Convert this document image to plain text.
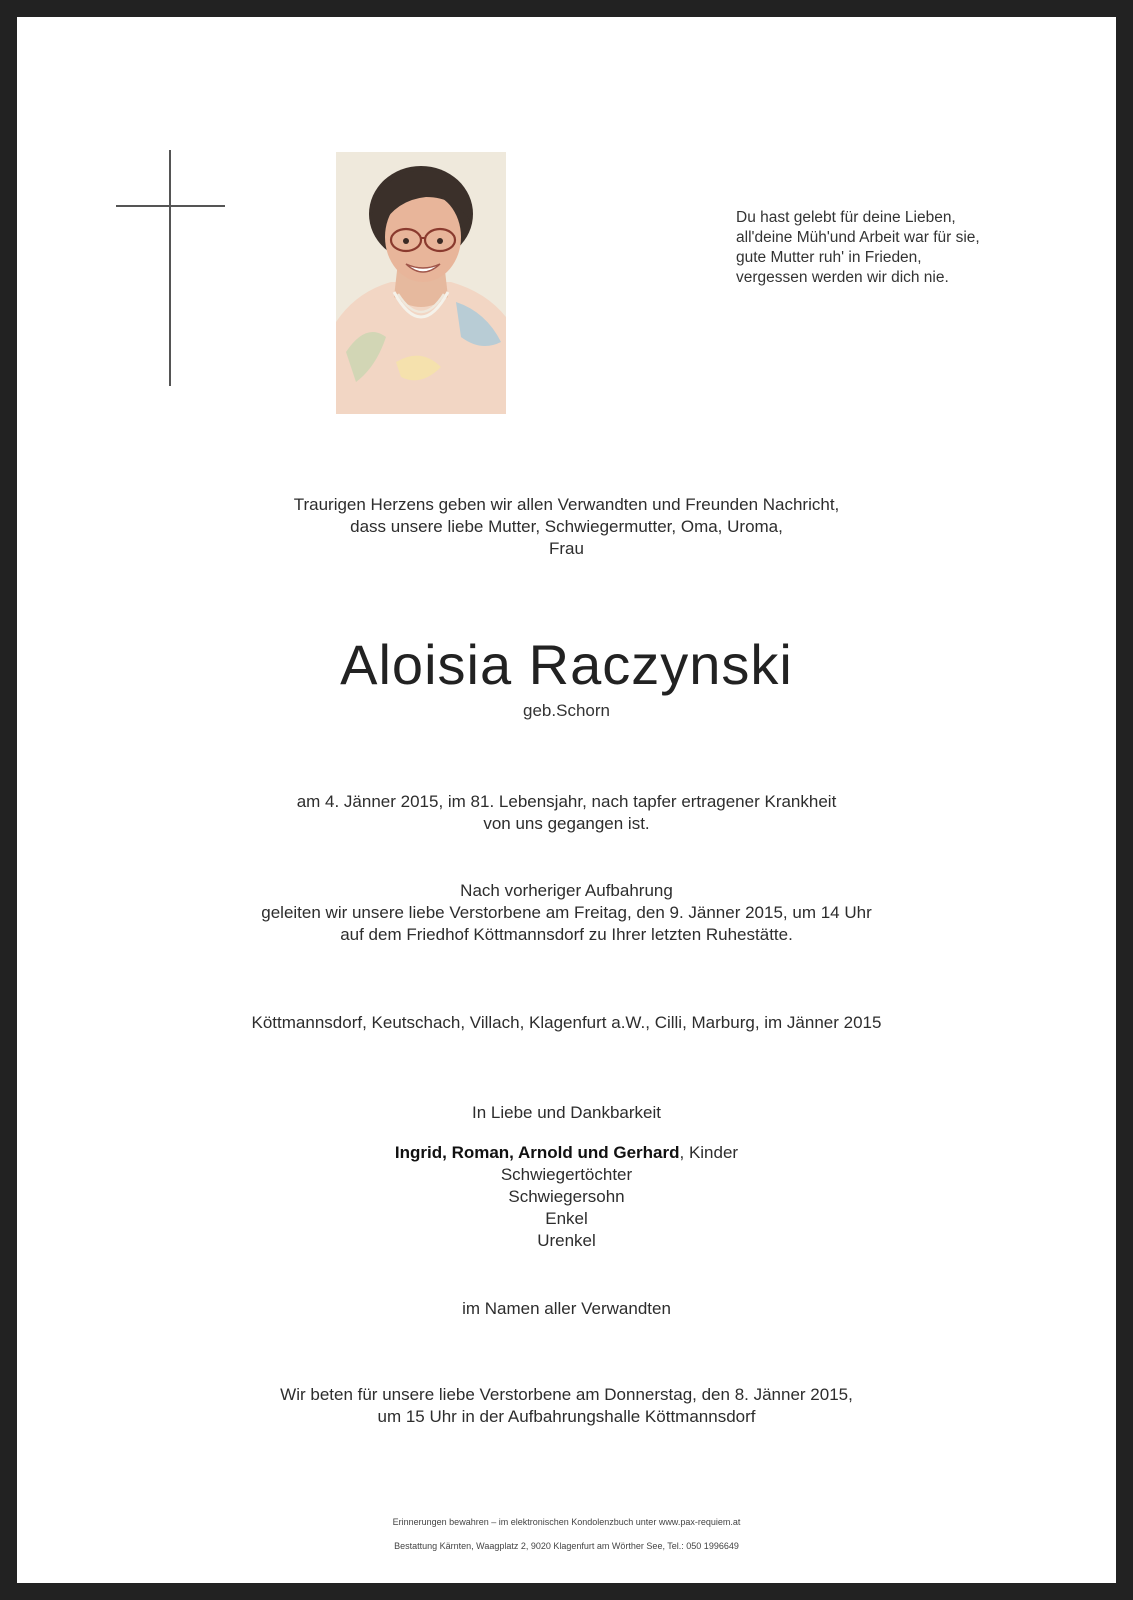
Du hast gelebt für deine Lieben,
all'deine Müh'und Arbeit war für sie,
gute Mutter ruh' in Frieden,
vergessen werden wir dich nie.
Traurigen Herzens geben wir allen Verwandten und Freunden Nachricht,
dass unsere liebe Mutter, Schwiegermutter, Oma, Uroma,
Frau
Aloisia Raczynski
geb.Schorn
am 4. Jänner 2015, im 81. Lebensjahr, nach tapfer ertragener Krankheit
von uns gegangen ist.
Nach vorheriger Aufbahrung
geleiten wir unsere liebe Verstorbene am Freitag, den 9. Jänner 2015, um 14 Uhr
auf dem Friedhof Köttmannsdorf zu Ihrer letzten Ruhestätte.
Köttmannsdorf, Keutschach, Villach, Klagenfurt a.W., Cilli, Marburg, im Jänner 2015
In Liebe und Dankbarkeit
Ingrid, Roman, Arnold und Gerhard, Kinder
Schwiegertöchter
Schwiegersohn
Enkel
Urenkel
im Namen aller Verwandten
Wir beten für unsere liebe Verstorbene am Donnerstag, den 8. Jänner 2015,
um 15 Uhr in der Aufbahrungshalle Köttmannsdorf
Erinnerungen bewahren – im elektronischen Kondolenzbuch unter www.pax-requiem.at
Bestattung Kärnten, Waagplatz 2, 9020 Klagenfurt am Wörther See, Tel.: 050 1996649
